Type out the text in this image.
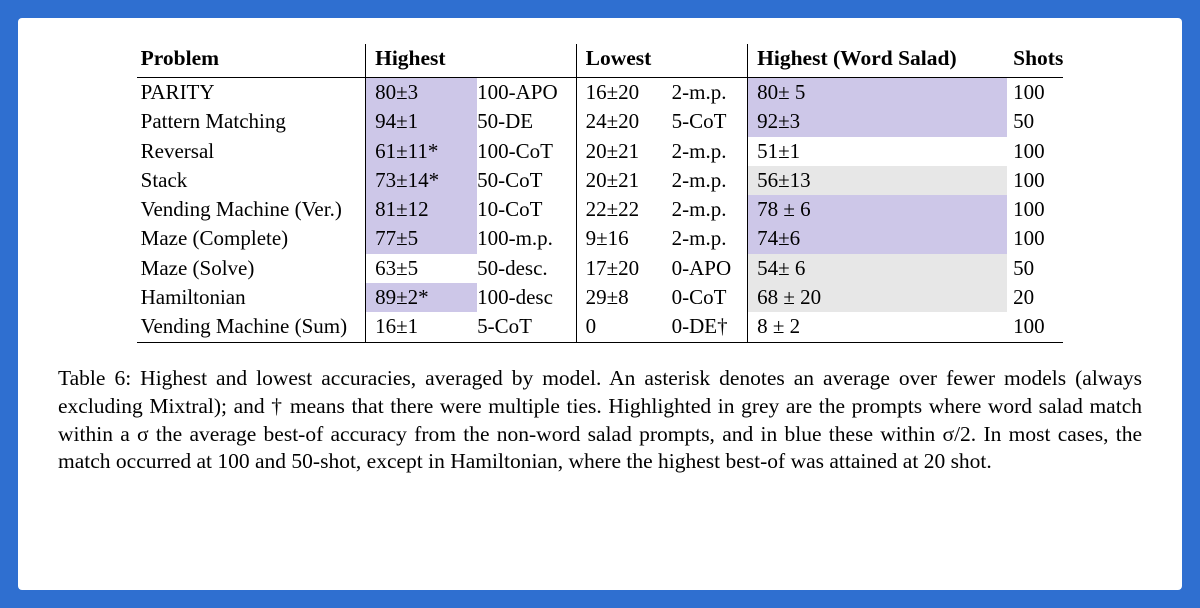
Problem	Highest		Lowest		Highest (Word Salad)	Shots
PARITY	80±3	100-APO	16±20	2-m.p.	80± 5	100
Pattern Matching	94±1	50-DE	24±20	5-CoT	92±3	50
Reversal	61±11*	100-CoT	20±21	2-m.p.	51±1	100
Stack	73±14*	50-CoT	20±21	2-m.p.	56±13	100
Vending Machine (Ver.)	81±12	10-CoT	22±22	2-m.p.	78 ± 6	100
Maze (Complete)	77±5	100-m.p.	9±16	2-m.p.	74±6	100
Maze (Solve)	63±5	50-desc.	17±20	0-APO	54± 6	50
Hamiltonian	89±2*	100-desc	29±8	0-CoT	68 ± 20	20
Vending Machine (Sum)	16±1	5-CoT	0	0-DE†	8 ± 2	100
Table 6: Highest and lowest accuracies, averaged by model. An asterisk denotes an average over fewer models (always excluding Mixtral); and † means that there were multiple ties. Highlighted in grey are the prompts where word salad match within a σ the average best-of accuracy from the non-word salad prompts, and in blue these within σ/2. In most cases, the match occurred at 100 and 50-shot, except in Hamiltonian, where the highest best-of was attained at 20 shot.
